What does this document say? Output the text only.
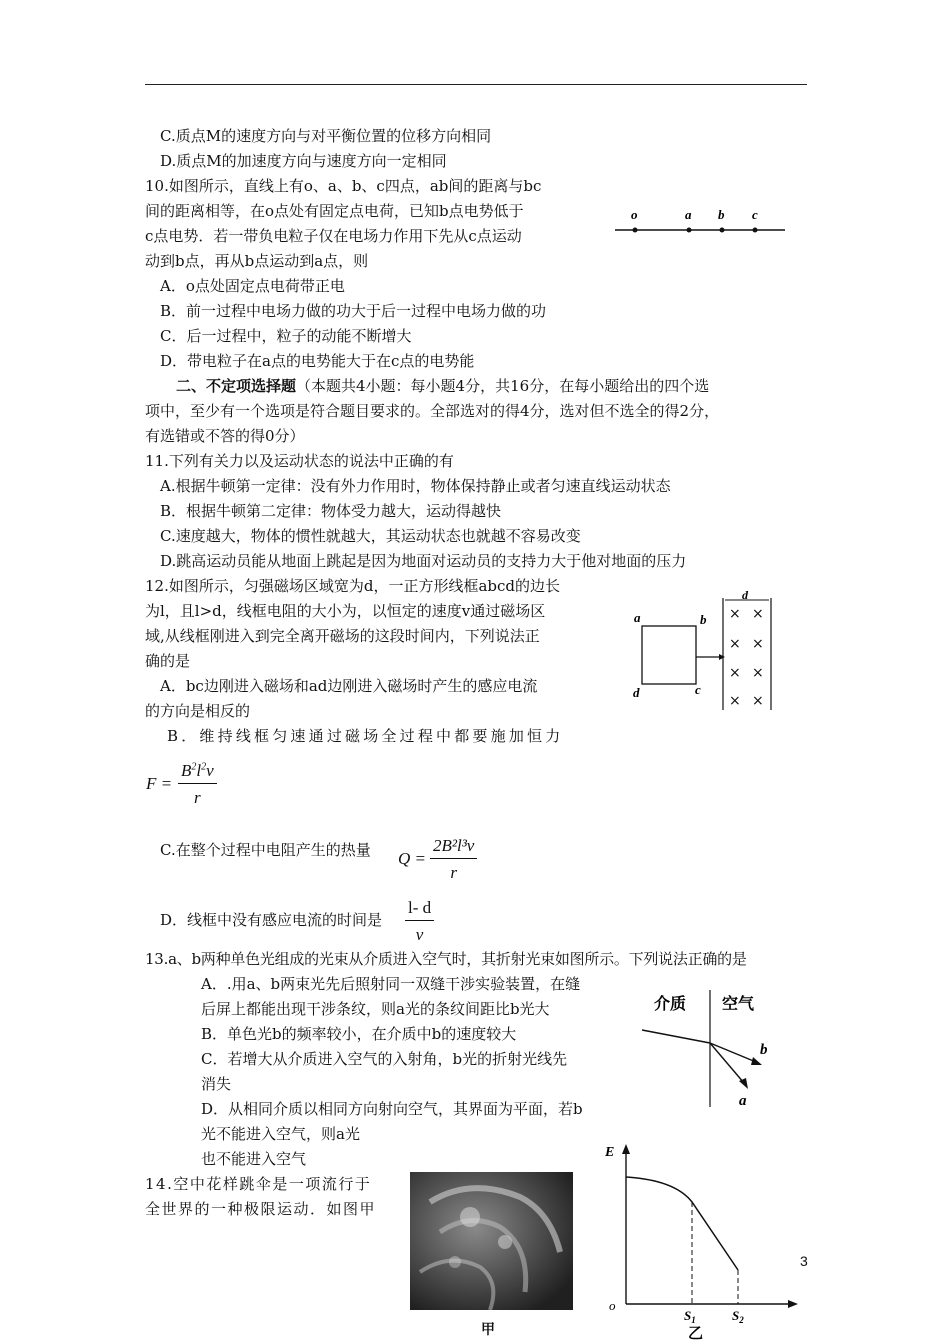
C.质点M的速度方向与对平衡位置的位移方向相同
D.质点M的加速度方向与速度方向一定相同
10.如图所示，直线上有o、a、b、c四点，ab间的距离与bc
间的距离相等，在o点处有固定点电荷，已知b点电势低于
c点电势．若一带负电粒子仅在电场力作用下先从c点运动
动到b点，再从b点运动到a点，则
A．o点处固定点电荷带正电
B．前一过程中电场力做的功大于后一过程中电场力做的功
C．后一过程中，粒子的动能不断增大
D．带电粒子在a点的电势能大于在c点的电势能
o	a b c
二、不定项选择题（本题共4小题：每小题4分，共16分，在每小题给出的四个选
项中，至少有一个选项是符合题目要求的。全部选对的得4分，选对但不选全的得2分，
有选错或不答的得0分）
11.下列有关力以及运动状态的说法中正确的有
A.根据牛顿第一定律：没有外力作用时，物体保持静止或者匀速直线运动状态
B．根据牛顿第二定律：物体受力越大，运动得越快
C.速度越大，物体的惯性就越大，其运动状态也就越不容易改变
D.跳高运动员能从地面上跳起是因为地面对运动员的支持力大于他对地面的压力
12.如图所示，匀强磁场区域宽为d，一正方形线框abcd的边长
为l，且l>d，线框电阻的大小为，以恒定的速度v通过磁场区
域,从线框刚进入到完全离开磁场的这段时间内，下列说法正
确的是
A．bc边刚进入磁场和ad边刚进入磁场时产生的感应电流
的方向是相反的
B．维持线框匀速通过磁场全过程中都要施加恒力
$F = \frac{B^2l^2v}{r}$
C.在整个过程中电阻产生的热量 $Q = \frac{\text{2B²l³v}}{r}$
D．线框中没有感应电流的时间是 $\frac{l- d}{v}$
d
× ×
× ×
× ×
× ×
a	b
c
d
13.a、b两种单色光组成的光束从介质进入空气时，其折射光束如图所示。下列说法正确的是
A．.用a、b两束光先后照射同一双缝干涉实验装置，在缝
后屏上都能出现干涉条纹，则a光的条纹间距比b光大
B．单色光b的频率较小，在介质中b的速度较大
C．若增大从介质进入空气的入射角，b光的折射光线先
消失
D．从相同介质以相同方向射向空气，其界面为平面，若b
光不能进入空气，则a光
也不能进入空气
介质 空气
b
a
14.空中花样跳伞是一项流行于
全世界的一种极限运动．如图甲
甲
E
o
$S_1$	$S_2$
乙
3
